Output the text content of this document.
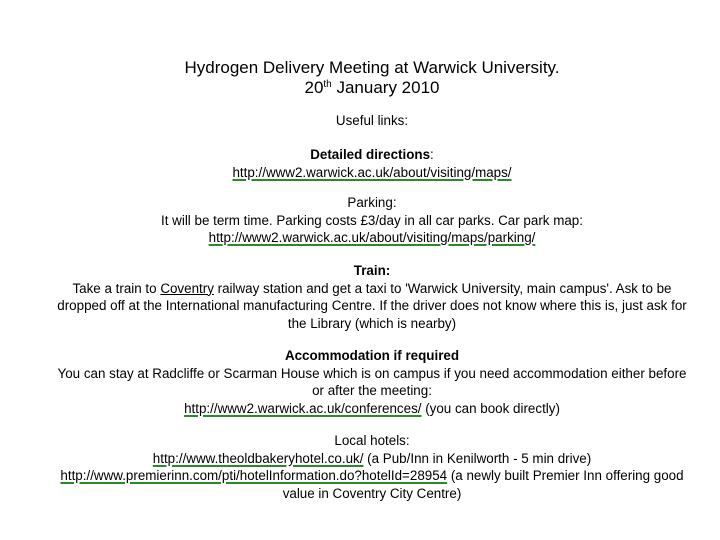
Hydrogen Delivery Meeting at Warwick University.
20th January 2010
Useful links:
Detailed directions:
http://www2.warwick.ac.uk/about/visiting/maps/
Parking:
It will be term time. Parking costs £3/day in all car parks. Car park map:
http://www2.warwick.ac.uk/about/visiting/maps/parking/
Train:
Take a train to Coventry railway station and get a taxi to 'Warwick University, main campus'. Ask to be dropped off at the International manufacturing Centre. If the driver does not know where this is, just ask for the Library (which is nearby)
Accommodation if required
You can stay at Radcliffe or Scarman House which is on campus if you need accommodation either before or after the meeting:
http://www2.warwick.ac.uk/conferences/ (you can book directly)
Local hotels:
http://www.theoldbakeryhotel.co.uk/ (a Pub/Inn in Kenilworth - 5 min drive)
http://www.premierinn.com/pti/hotelInformation.do?hotelId=28954 (a newly built Premier Inn offering good value in Coventry City Centre)
